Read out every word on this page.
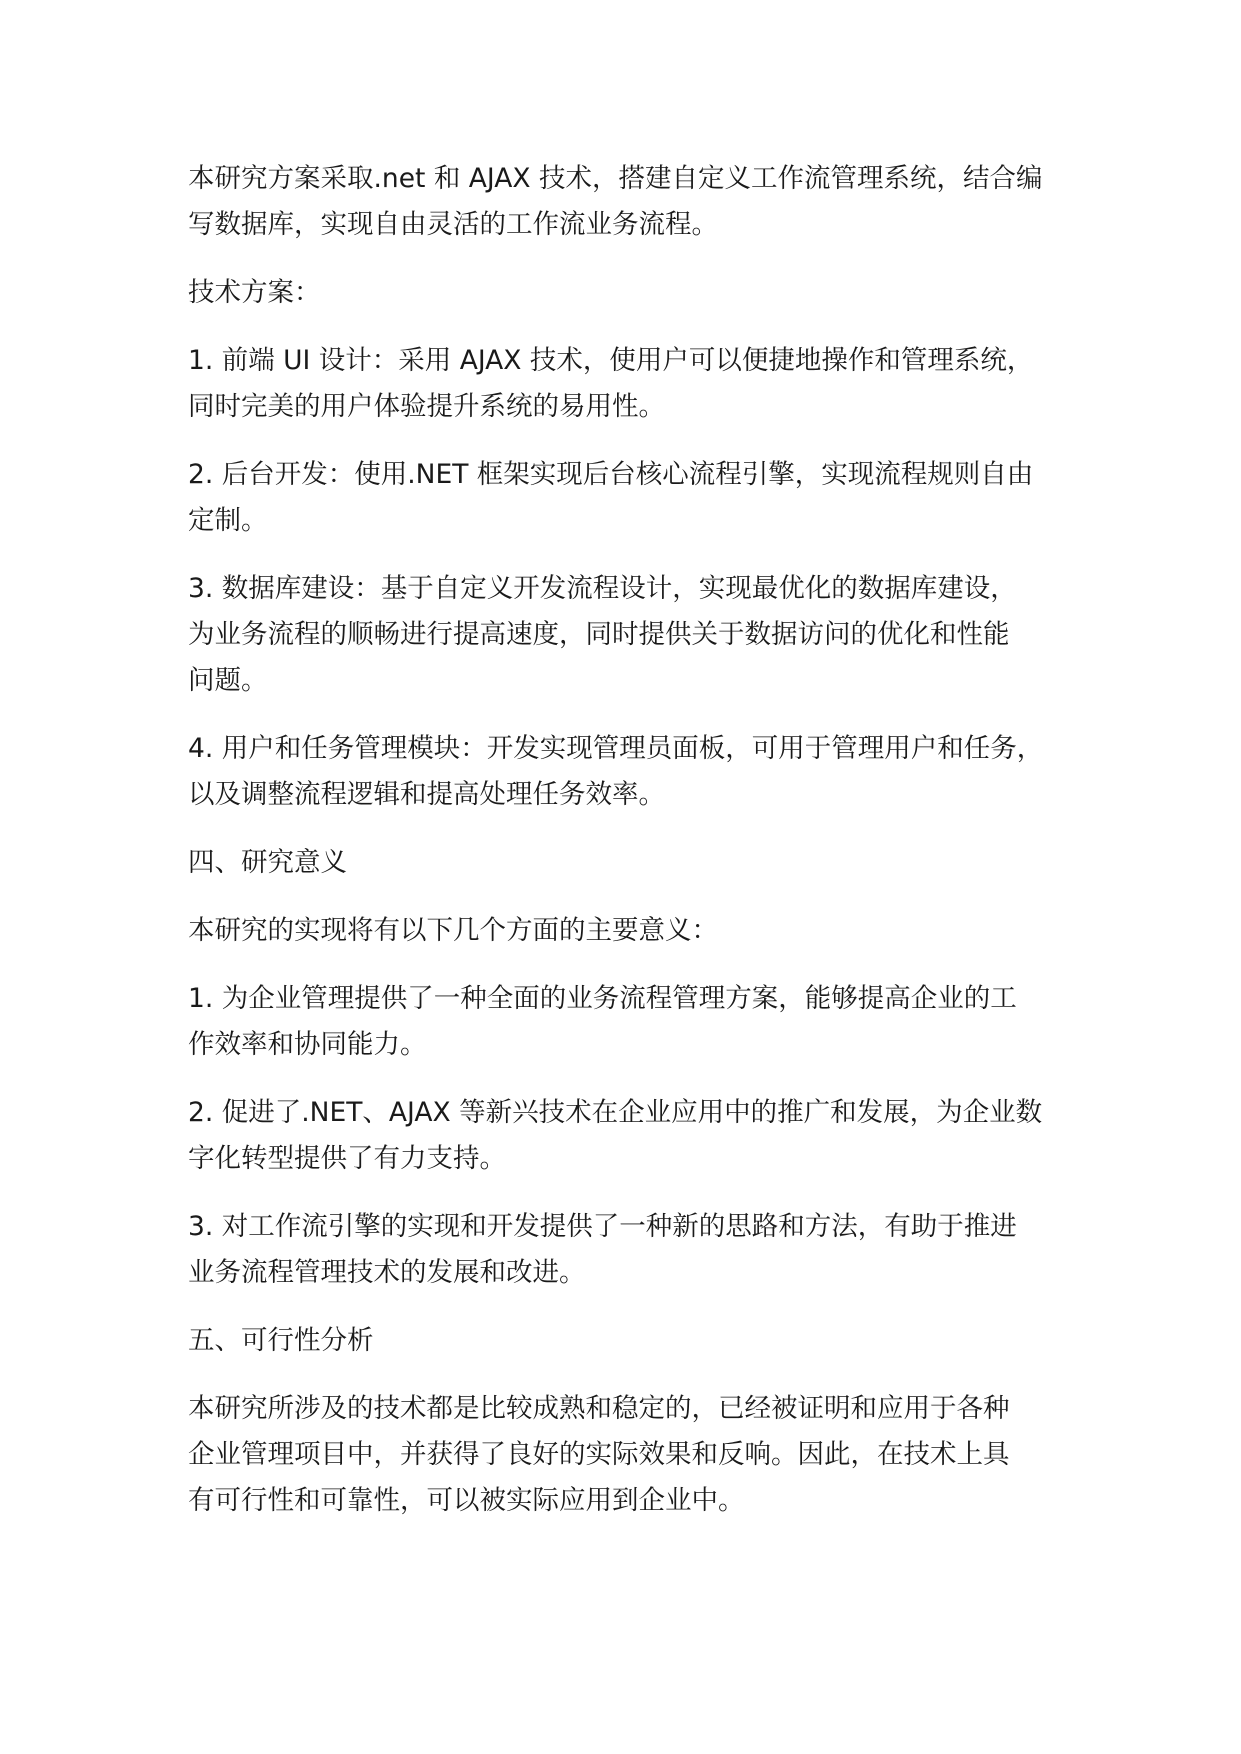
本研究方案采取.net 和 AJAX 技术，搭建自定义工作流管理系统，结合编
写数据库，实现自由灵活的工作流业务流程。

技术方案：

1. 前端 UI 设计：采用 AJAX 技术，使用户可以便捷地操作和管理系统，
同时完美的用户体验提升系统的易用性。

2. 后台开发：使用.NET 框架实现后台核心流程引擎，实现流程规则自由
定制。

3. 数据库建设：基于自定义开发流程设计，实现最优化的数据库建设，
为业务流程的顺畅进行提高速度，同时提供关于数据访问的优化和性能
问题。

4. 用户和任务管理模块：开发实现管理员面板，可用于管理用户和任务，
以及调整流程逻辑和提高处理任务效率。

四、研究意义

本研究的实现将有以下几个方面的主要意义：

1. 为企业管理提供了一种全面的业务流程管理方案，能够提高企业的工
作效率和协同能力。

2. 促进了.NET、AJAX 等新兴技术在企业应用中的推广和发展，为企业数
字化转型提供了有力支持。

3. 对工作流引擎的实现和开发提供了一种新的思路和方法，有助于推进
业务流程管理技术的发展和改进。

五、可行性分析

本研究所涉及的技术都是比较成熟和稳定的，已经被证明和应用于各种
企业管理项目中，并获得了良好的实际效果和反响。因此，在技术上具
有可行性和可靠性，可以被实际应用到企业中。
